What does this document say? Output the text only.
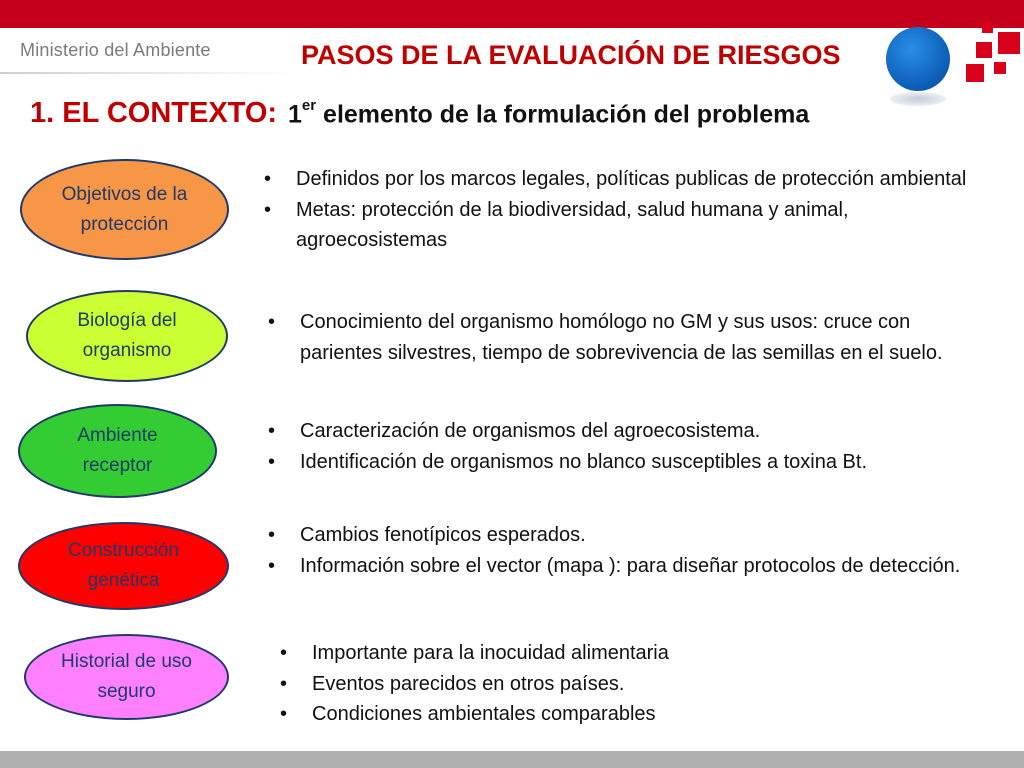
Ministerio del Ambiente	PASOS DE LA EVALUACIÓN DE RIESGOS
1. EL CONTEXTO: 1er elemento de la formulación del problema
Objetivos de la
protección
• Definidos por los marcos legales, políticas publicas de protección ambiental
• Metas: protección de la biodiversidad, salud humana y animal, agroecosistemas
Biología del
organismo
• Conocimiento del organismo homólogo no GM y sus usos: cruce con parientes silvestres, tiempo de sobrevivencia de las semillas en el suelo.
Ambiente
receptor
• Caracterización de organismos del agroecosistema.
• Identificación de organismos no blanco susceptibles a toxina Bt.
Construcción
genética
• Cambios fenotípicos esperados.
• Información sobre el vector (mapa ): para diseñar protocolos de detección.
Historial de uso
seguro
• Importante para la inocuidad alimentaria
• Eventos parecidos en otros países.
• Condiciones ambientales comparables
